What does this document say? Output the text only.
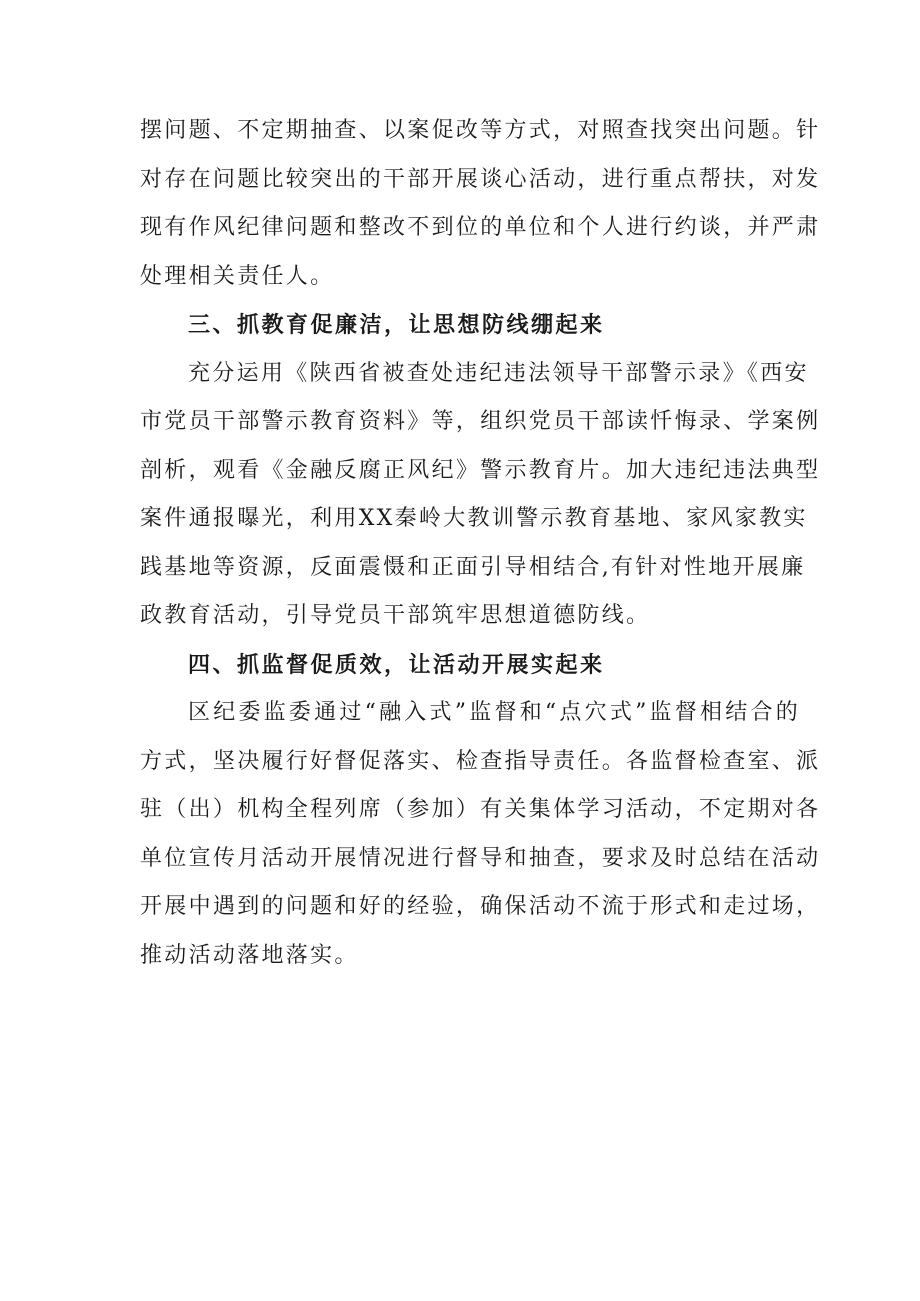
摆问题、不定期抽查、以案促改等方式，对照查找突出问题。针
对存在问题比较突出的干部开展谈心活动，进行重点帮扶，对发
现有作风纪律问题和整改不到位的单位和个人进行约谈，并严肃
处理相关责任人。
三、抓教育促廉洁，让思想防线绷起来
充分运用《陕西省被查处违纪违法领导干部警示录》《西安
市党员干部警示教育资料》等，组织党员干部读忏悔录、学案例
剖析，观看《金融反腐正风纪》警示教育片。加大违纪违法典型
案件通报曝光，利用XX秦岭大教训警示教育基地、家风家教实
践基地等资源，反面震慑和正面引导相结合,有针对性地开展廉
政教育活动，引导党员干部筑牢思想道德防线。
四、抓监督促质效，让活动开展实起来
区纪委监委通过“融入式”监督和“点穴式”监督相结合的
方式，坚决履行好督促落实、检查指导责任。各监督检查室、派
驻（出）机构全程列席（参加）有关集体学习活动，不定期对各
单位宣传月活动开展情况进行督导和抽查，要求及时总结在活动
开展中遇到的问题和好的经验，确保活动不流于形式和走过场，
推动活动落地落实。
